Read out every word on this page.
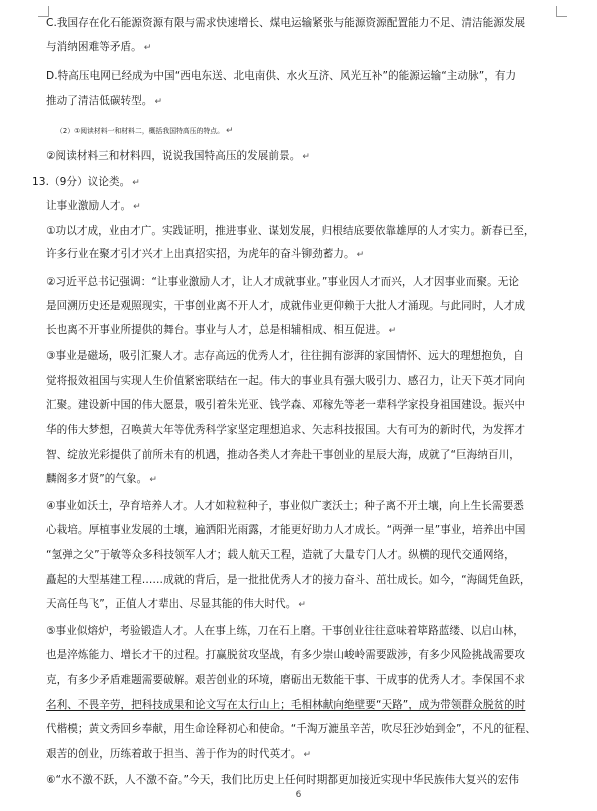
C.我国存在化石能源资源有限与需求快速增长、煤电运输紧张与能源资源配置能力不足、清洁能源发展
与消纳困难等矛盾。 ↵
D.特高压电网已经成为中国“西电东送、北电南供、水火互济、风光互补”的能源运输“主动脉”，有力
推动了清洁低碳转型。 ↵
（2）①阅读材料一和材料二，概括我国特高压的特点。 ↵
②阅读材料三和材料四，说说我国特高压的发展前景。 ↵
13.（9分）议论类。 ↵
让事业激励人才。 ↵
①功以才成，业由才广。实践证明，推进事业、谋划发展，归根结底要依靠雄厚的人才实力。新春已至，
许多行业在聚才引才兴才上出真招实招，为虎年的奋斗铆劲蓄力。 ↵
②习近平总书记强调：“让事业激励人才，让人才成就事业。”事业因人才而兴，人才因事业而聚。无论
是回溯历史还是观照现实，干事创业离不开人才，成就伟业更仰赖于大批人才涌现。与此同时，人才成
长也离不开事业所提供的舞台。事业与人才，总是相辅相成、相互促进。 ↵
③事业是磁场，吸引汇聚人才。志存高远的优秀人才，往往拥有澎湃的家国情怀、远大的理想抱负，自
觉将报效祖国与实现人生价值紧密联结在一起。伟大的事业具有强大吸引力、感召力，让天下英才同向
汇聚。建设新中国的伟大愿景，吸引着朱光亚、钱学森、邓稼先等老一辈科学家投身祖国建设。振兴中
华的伟大梦想，召唤黄大年等优秀科学家坚定理想追求、矢志科技报国。大有可为的新时代，为发挥才
智、绽放光彩提供了前所未有的机遇，推动各类人才奔赴干事创业的星辰大海，成就了“巨海纳百川，
麟阁多才贤”的气象。 ↵
④事业如沃土，孕育培养人才。人才如粒粒种子，事业似广袤沃土；种子离不开土壤，向上生长需要悉
心栽培。厚植事业发展的土壤，遍洒阳光雨露，才能更好助力人才成长。“两弹一星”事业，培养出中国
“氢弹之父”于敏等众多科技领军人才；载人航天工程，造就了大量专门人才。纵横的现代交通网络，
矗起的大型基建工程……成就的背后，是一批批优秀人才的接力奋斗、茁壮成长。如今，“海阔凭鱼跃，
天高任鸟飞”，正值人才辈出、尽显其能的伟大时代。 ↵
⑤事业似熔炉，考验锻造人才。人在事上练，刀在石上磨。干事创业往往意味着筚路蓝缕、以启山林，
也是淬炼能力、增长才干的过程。打赢脱贫攻坚战，有多少崇山峻岭需要跋涉，有多少风险挑战需要攻
克，有多少矛盾难题需要破解。艰苦创业的环境，磨砺出无数能干事、干成事的优秀人才。李保国不求
名利、不畏辛劳，把科技成果和论文写在太行山上；毛相林献向绝壁要“天路”，成为带领群众脱贫的时
代楷模；黄文秀回乡奉献，用生命诠释初心和使命。“千淘万漉虽辛苦，吹尽狂沙始到金”，不凡的征程、
艰苦的创业，历练着敢于担当、善于作为的时代英才。 ↵
⑥“水不激不跃，人不激不奋。”今天，我们比历史上任何时期都更加接近实现中华民族伟大复兴的宏伟
6
